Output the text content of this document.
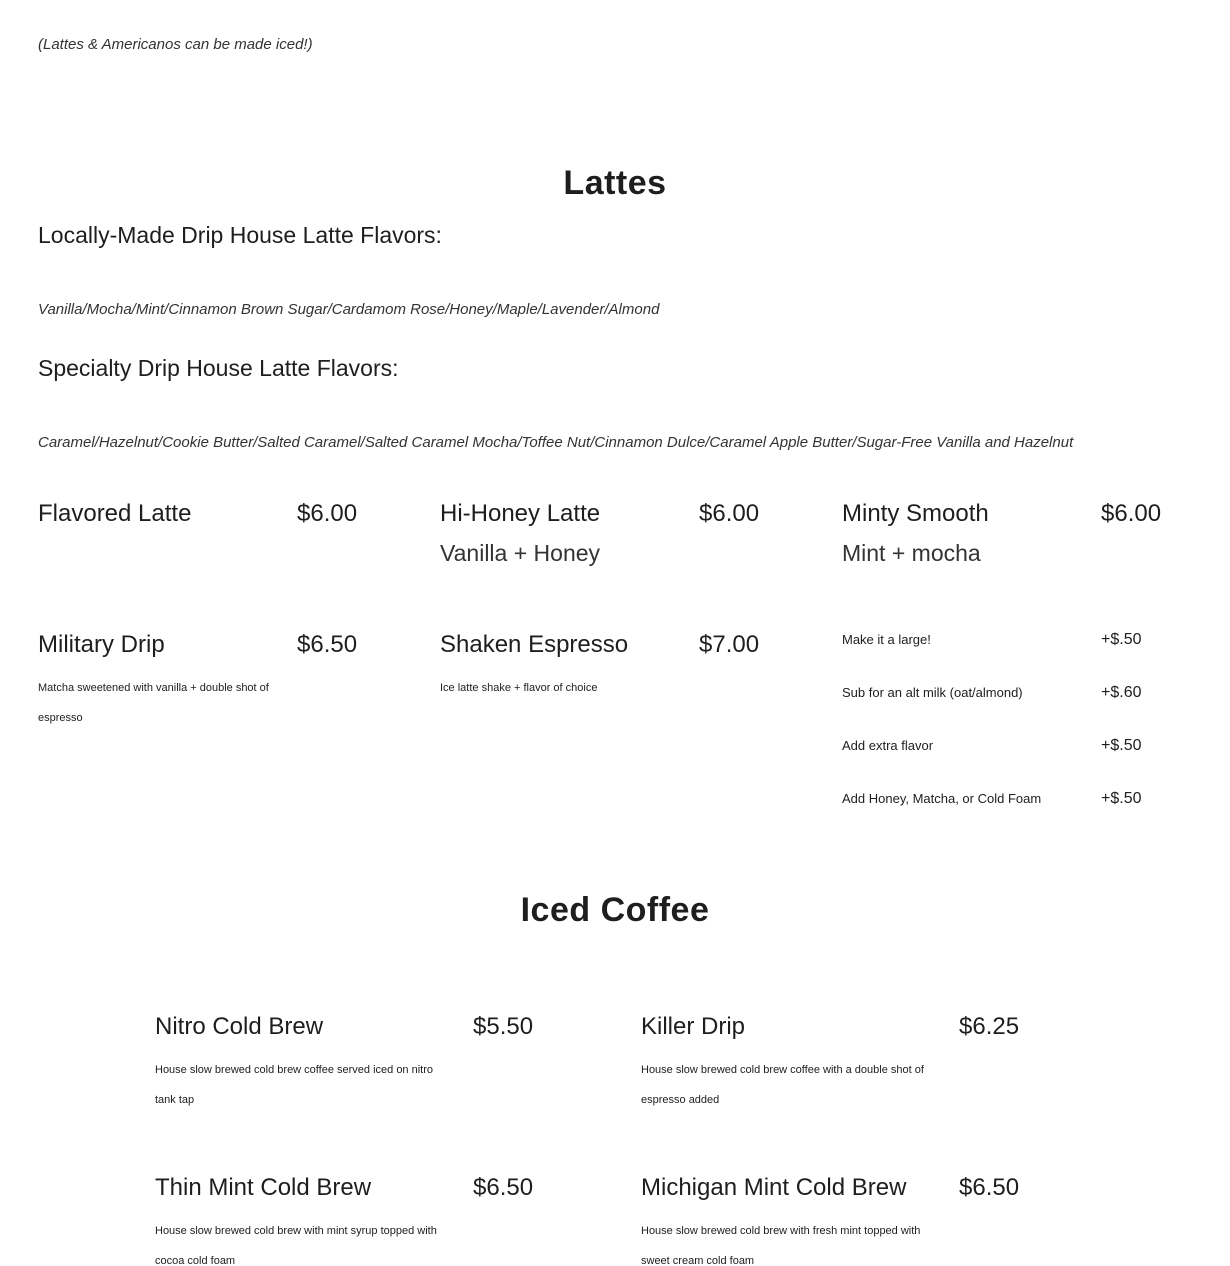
(Lattes & Americanos can be made iced!)

Lattes
Locally-Made Drip House Latte Flavors:

Vanilla/Mocha/Mint/Cinnamon Brown Sugar/Cardamom Rose/Honey/Maple/Lavender/Almond

Specialty Drip House Latte Flavors:

Caramel/Hazelnut/Cookie Butter/Salted Caramel/Salted Caramel Mocha/Toffee Nut/Cinnamon Dulce/Caramel Apple Butter/Sugar-Free Vanilla and Hazelnut

Flavored Latte	$6.00	Hi-Honey Latte	$6.00

Vanilla + Honey

Minty Smooth	$6.00

Mint + mocha

Military Drip	$6.50

Matcha sweetened with vanilla + double shot of espresso

Shaken Espresso	$7.00

Ice latte shake + flavor of choice

Make it a large!	+$.50
Sub for an alt milk (oat/almond)	+$.60
Add extra flavor	+$.50
Add Honey, Matcha, or Cold Foam	+$.50
Iced Coffee

Nitro Cold Brew	$5.50

House slow brewed cold brew coffee served iced on nitro tank tap

Killer Drip	$6.25

House slow brewed cold brew coffee with a double shot of espresso added

Thin Mint Cold Brew	$6.50

House slow brewed cold brew with mint syrup topped with cocoa cold foam

Michigan Mint Cold Brew $6.50

House slow brewed cold brew with fresh mint topped with sweet cream cold foam
